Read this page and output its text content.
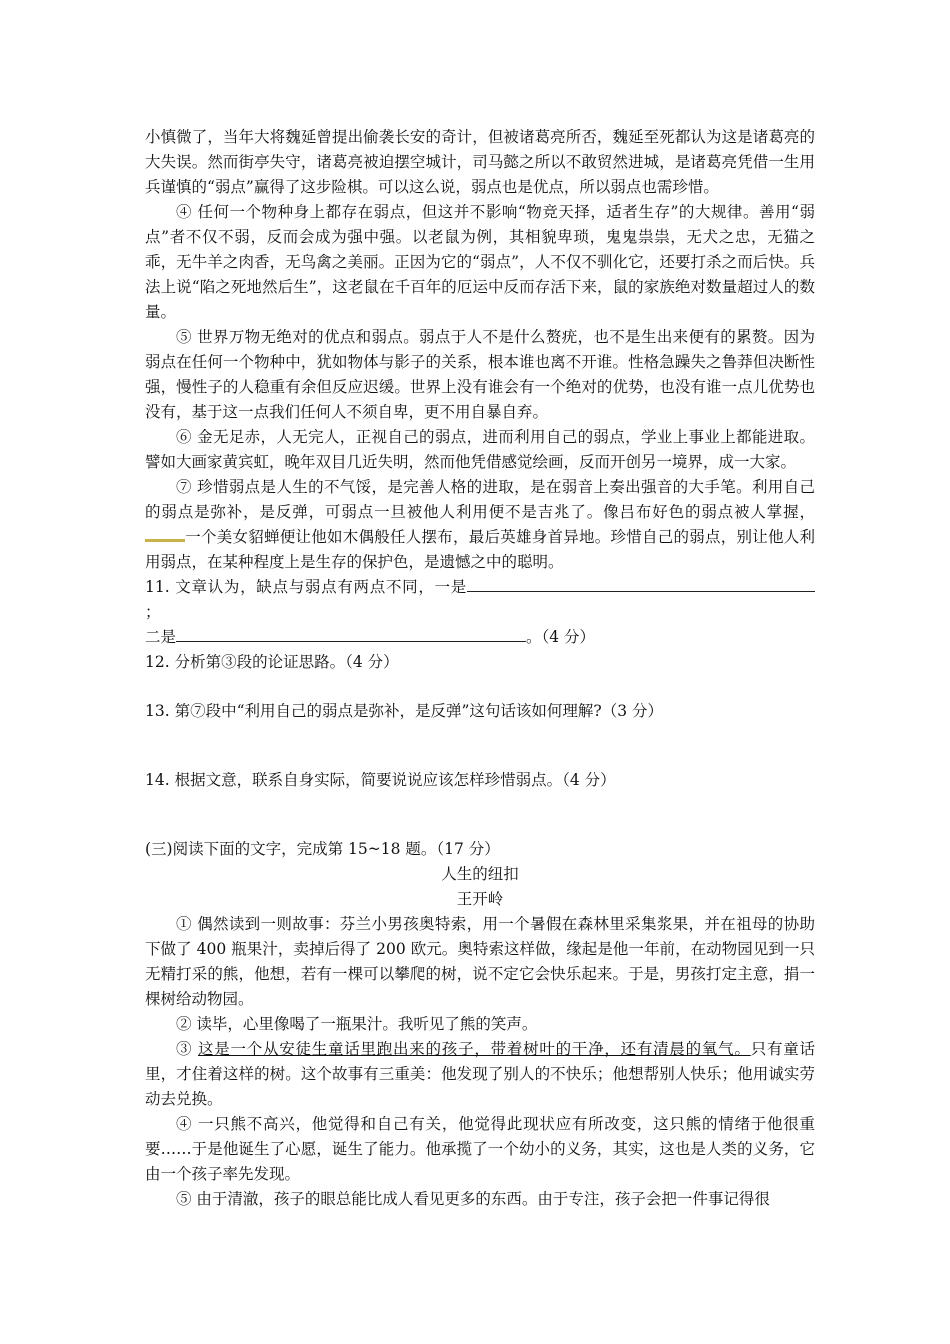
小慎微了，当年大将魏延曾提出偷袭长安的奇计，但被诸葛亮所否，魏延至死都认为这是诸葛亮的大失误。然而街亭失守，诸葛亮被迫摆空城计，司马懿之所以不敢贸然进城，是诸葛亮凭借一生用兵谨慎的“弱点”赢得了这步险棋。可以这么说，弱点也是优点，所以弱点也需珍惜。

④ 任何一个物种身上都存在弱点，但这并不影响“物竞天择，适者生存”的大规律。善用“弱点”者不仅不弱，反而会成为强中强。以老鼠为例，其相貌卑琐，鬼鬼祟祟，无犬之忠，无猫之乖，无牛羊之肉香，无鸟禽之美丽。正因为它的“弱点”，人不仅不驯化它，还要打杀之而后快。兵法上说“陷之死地然后生”，这老鼠在千百年的厄运中反而存活下来，鼠的家族绝对数量超过人的数量。

⑤ 世界万物无绝对的优点和弱点。弱点于人不是什么赘疣，也不是生出来便有的累赘。因为弱点在任何一个物种中，犹如物体与影子的关系，根本谁也离不开谁。性格急躁失之鲁莽但决断性强，慢性子的人稳重有余但反应迟缓。世界上没有谁会有一个绝对的优势，也没有谁一点儿优势也没有，基于这一点我们任何人不须自卑，更不用自暴自弃。

⑥ 金无足赤，人无完人，正视自己的弱点，进而利用自己的弱点，学业上事业上都能进取。譬如大画家黄宾虹，晚年双目几近失明，然而他凭借感觉绘画，反而开创另一境界，成一大家。

⑦ 珍惜弱点是人生的不气馁，是完善人格的进取，是在弱音上奏出强音的大手笔。利用自己的弱点是弥补，是反弹，可弱点一旦被他人利用便不是吉兆了。像吕布好色的弱点被人掌握，一个美女貂蝉便让他如木偶般任人摆布，最后英雄身首异地。珍惜自己的弱点，别让他人利用弱点，在某种程度上是生存的保护色，是遗憾之中的聪明。

11. 文章认为，缺点与弱点有两点不同，一是；

二是	。（4 分）

12. 分析第③段的论证思路。（4 分）

13. 第⑦段中“利用自己的弱点是弥补，是反弹”这句话该如何理解?（3 分）

14. 根据文意，联系自身实际，简要说说应该怎样珍惜弱点。（4 分）

(三)阅读下面的文字，完成第 15~18 题。（17 分）

人生的纽扣

王开岭

① 偶然读到一则故事：芬兰小男孩奥特索，用一个暑假在森林里采集浆果，并在祖母的协助下做了 400 瓶果汁，卖掉后得了 200 欧元。奥特索这样做，缘起是他一年前，在动物园见到一只无精打采的熊，他想，若有一棵可以攀爬的树，说不定它会快乐起来。于是，男孩打定主意，捐一棵树给动物园。

② 读毕，心里像喝了一瓶果汁。我听见了熊的笑声。

③ 这是一个从安徒生童话里跑出来的孩子，带着树叶的干净，还有清晨的氧气。只有童话里，才住着这样的树。这个故事有三重美：他发现了别人的不快乐；他想帮别人快乐；他用诚实劳动去兑换。

④ 一只熊不高兴，他觉得和自己有关，他觉得此现状应有所改变，这只熊的情绪于他很重要……于是他诞生了心愿，诞生了能力。他承揽了一个幼小的义务，其实，这也是人类的义务，它由一个孩子率先发现。

⑤ 由于清澈，孩子的眼总能比成人看见更多的东西。由于专注，孩子会把一件事记得很
